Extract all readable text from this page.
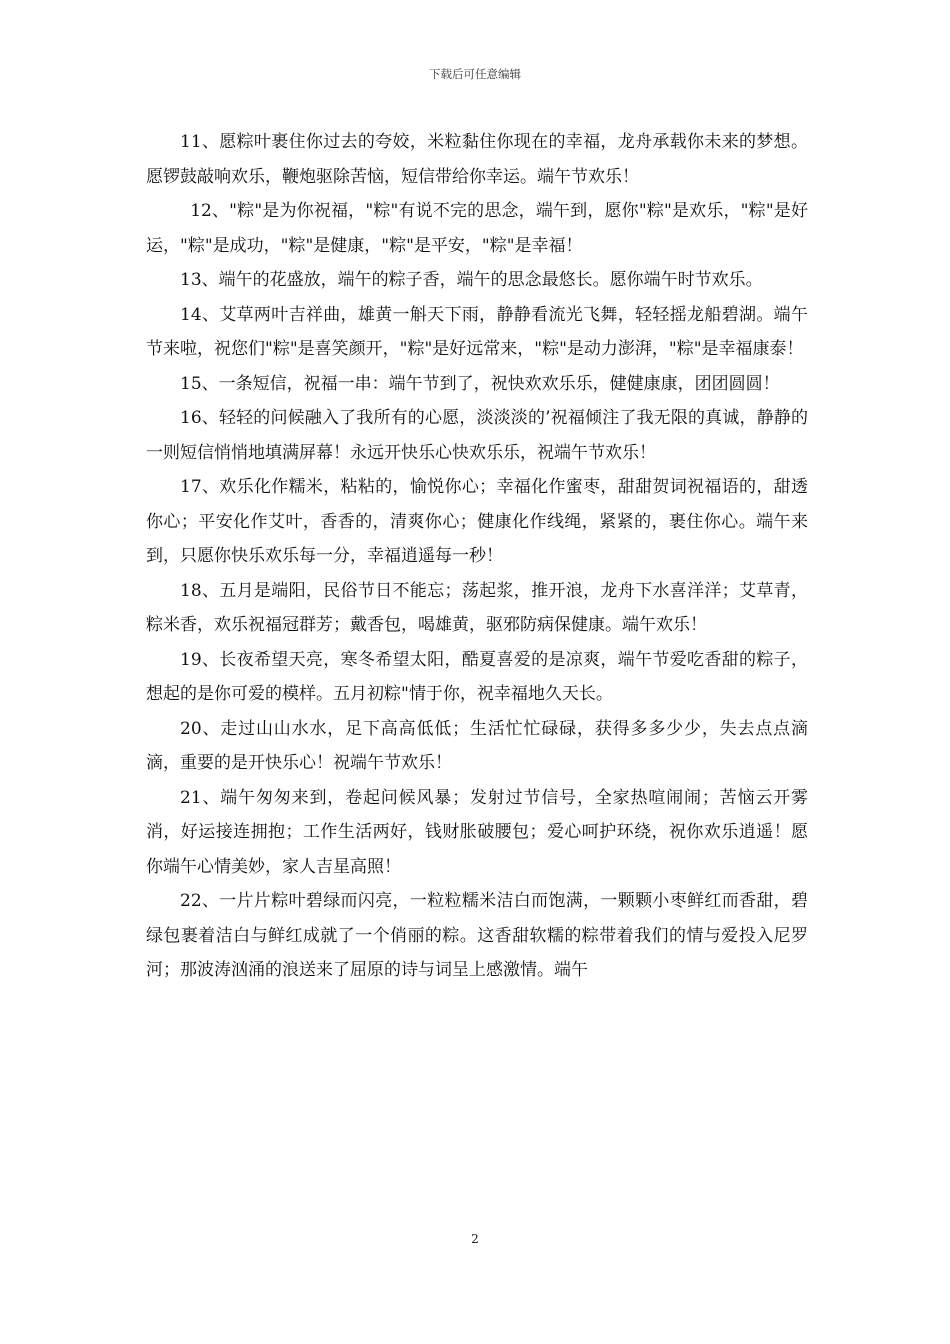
下载后可任意编辑

11、愿粽叶裹住你过去的夸姣，米粒黏住你现在的幸福，龙舟承载你未来的梦想。愿锣鼓敲响欢乐，鞭炮驱除苦恼，短信带给你幸运。端午节欢乐！

12、"粽"是为你祝福，"粽"有说不完的思念，端午到，愿你"粽"是欢乐，"粽"是好运，"粽"是成功，"粽"是健康，"粽"是平安，"粽"是幸福！

13、端午的花盛放，端午的粽子香，端午的思念最悠长。愿你端午时节欢乐。

14、艾草两叶吉祥曲，雄黄一斛天下雨，静静看流光飞舞，轻轻摇龙船碧湖。端午节来啦，祝您们"粽"是喜笑颜开，"粽"是好远常来，"粽"是动力澎湃，"粽"是幸福康泰！

15、一条短信，祝福一串：端午节到了，祝快欢欢乐乐，健健康康，团团圆圆！

16、轻轻的问候融入了我所有的心愿，淡淡淡的’祝福倾注了我无限的真诚，静静的一则短信悄悄地填满屏幕！永远开快乐心快欢乐乐，祝端午节欢乐！

17、欢乐化作糯米，粘粘的，愉悦你心；幸福化作蜜枣，甜甜贺词祝福语的，甜透你心；平安化作艾叶，香香的，清爽你心；健康化作线绳，紧紧的，裹住你心。端午来到，只愿你快乐欢乐每一分，幸福逍遥每一秒！

18、五月是端阳，民俗节日不能忘；荡起浆，推开浪，龙舟下水喜洋洋；艾草青，粽米香，欢乐祝福冠群芳；戴香包，喝雄黄，驱邪防病保健康。端午欢乐！

19、长夜希望天亮，寒冬希望太阳，酷夏喜爱的是凉爽，端午节爱吃香甜的粽子，想起的是你可爱的模样。五月初粽"情于你，祝幸福地久天长。

20、走过山山水水，足下高高低低；生活忙忙碌碌，获得多多少少，失去点点滴滴，重要的是开快乐心！祝端午节欢乐！

21、端午匆匆来到，卷起问候风暴；发射过节信号，全家热喧闹闹；苦恼云开雾消，好运接连拥抱；工作生活两好，钱财胀破腰包；爱心呵护环绕，祝你欢乐逍遥！愿你端午心情美妙，家人吉星高照！

22、一片片粽叶碧绿而闪亮，一粒粒糯米洁白而饱满，一颗颗小枣鲜红而香甜，碧绿包裹着洁白与鲜红成就了一个俏丽的粽。这香甜软糯的粽带着我们的情与爱投入尼罗河；那波涛汹涌的浪送来了屈原的诗与词呈上感激情。端午

2
